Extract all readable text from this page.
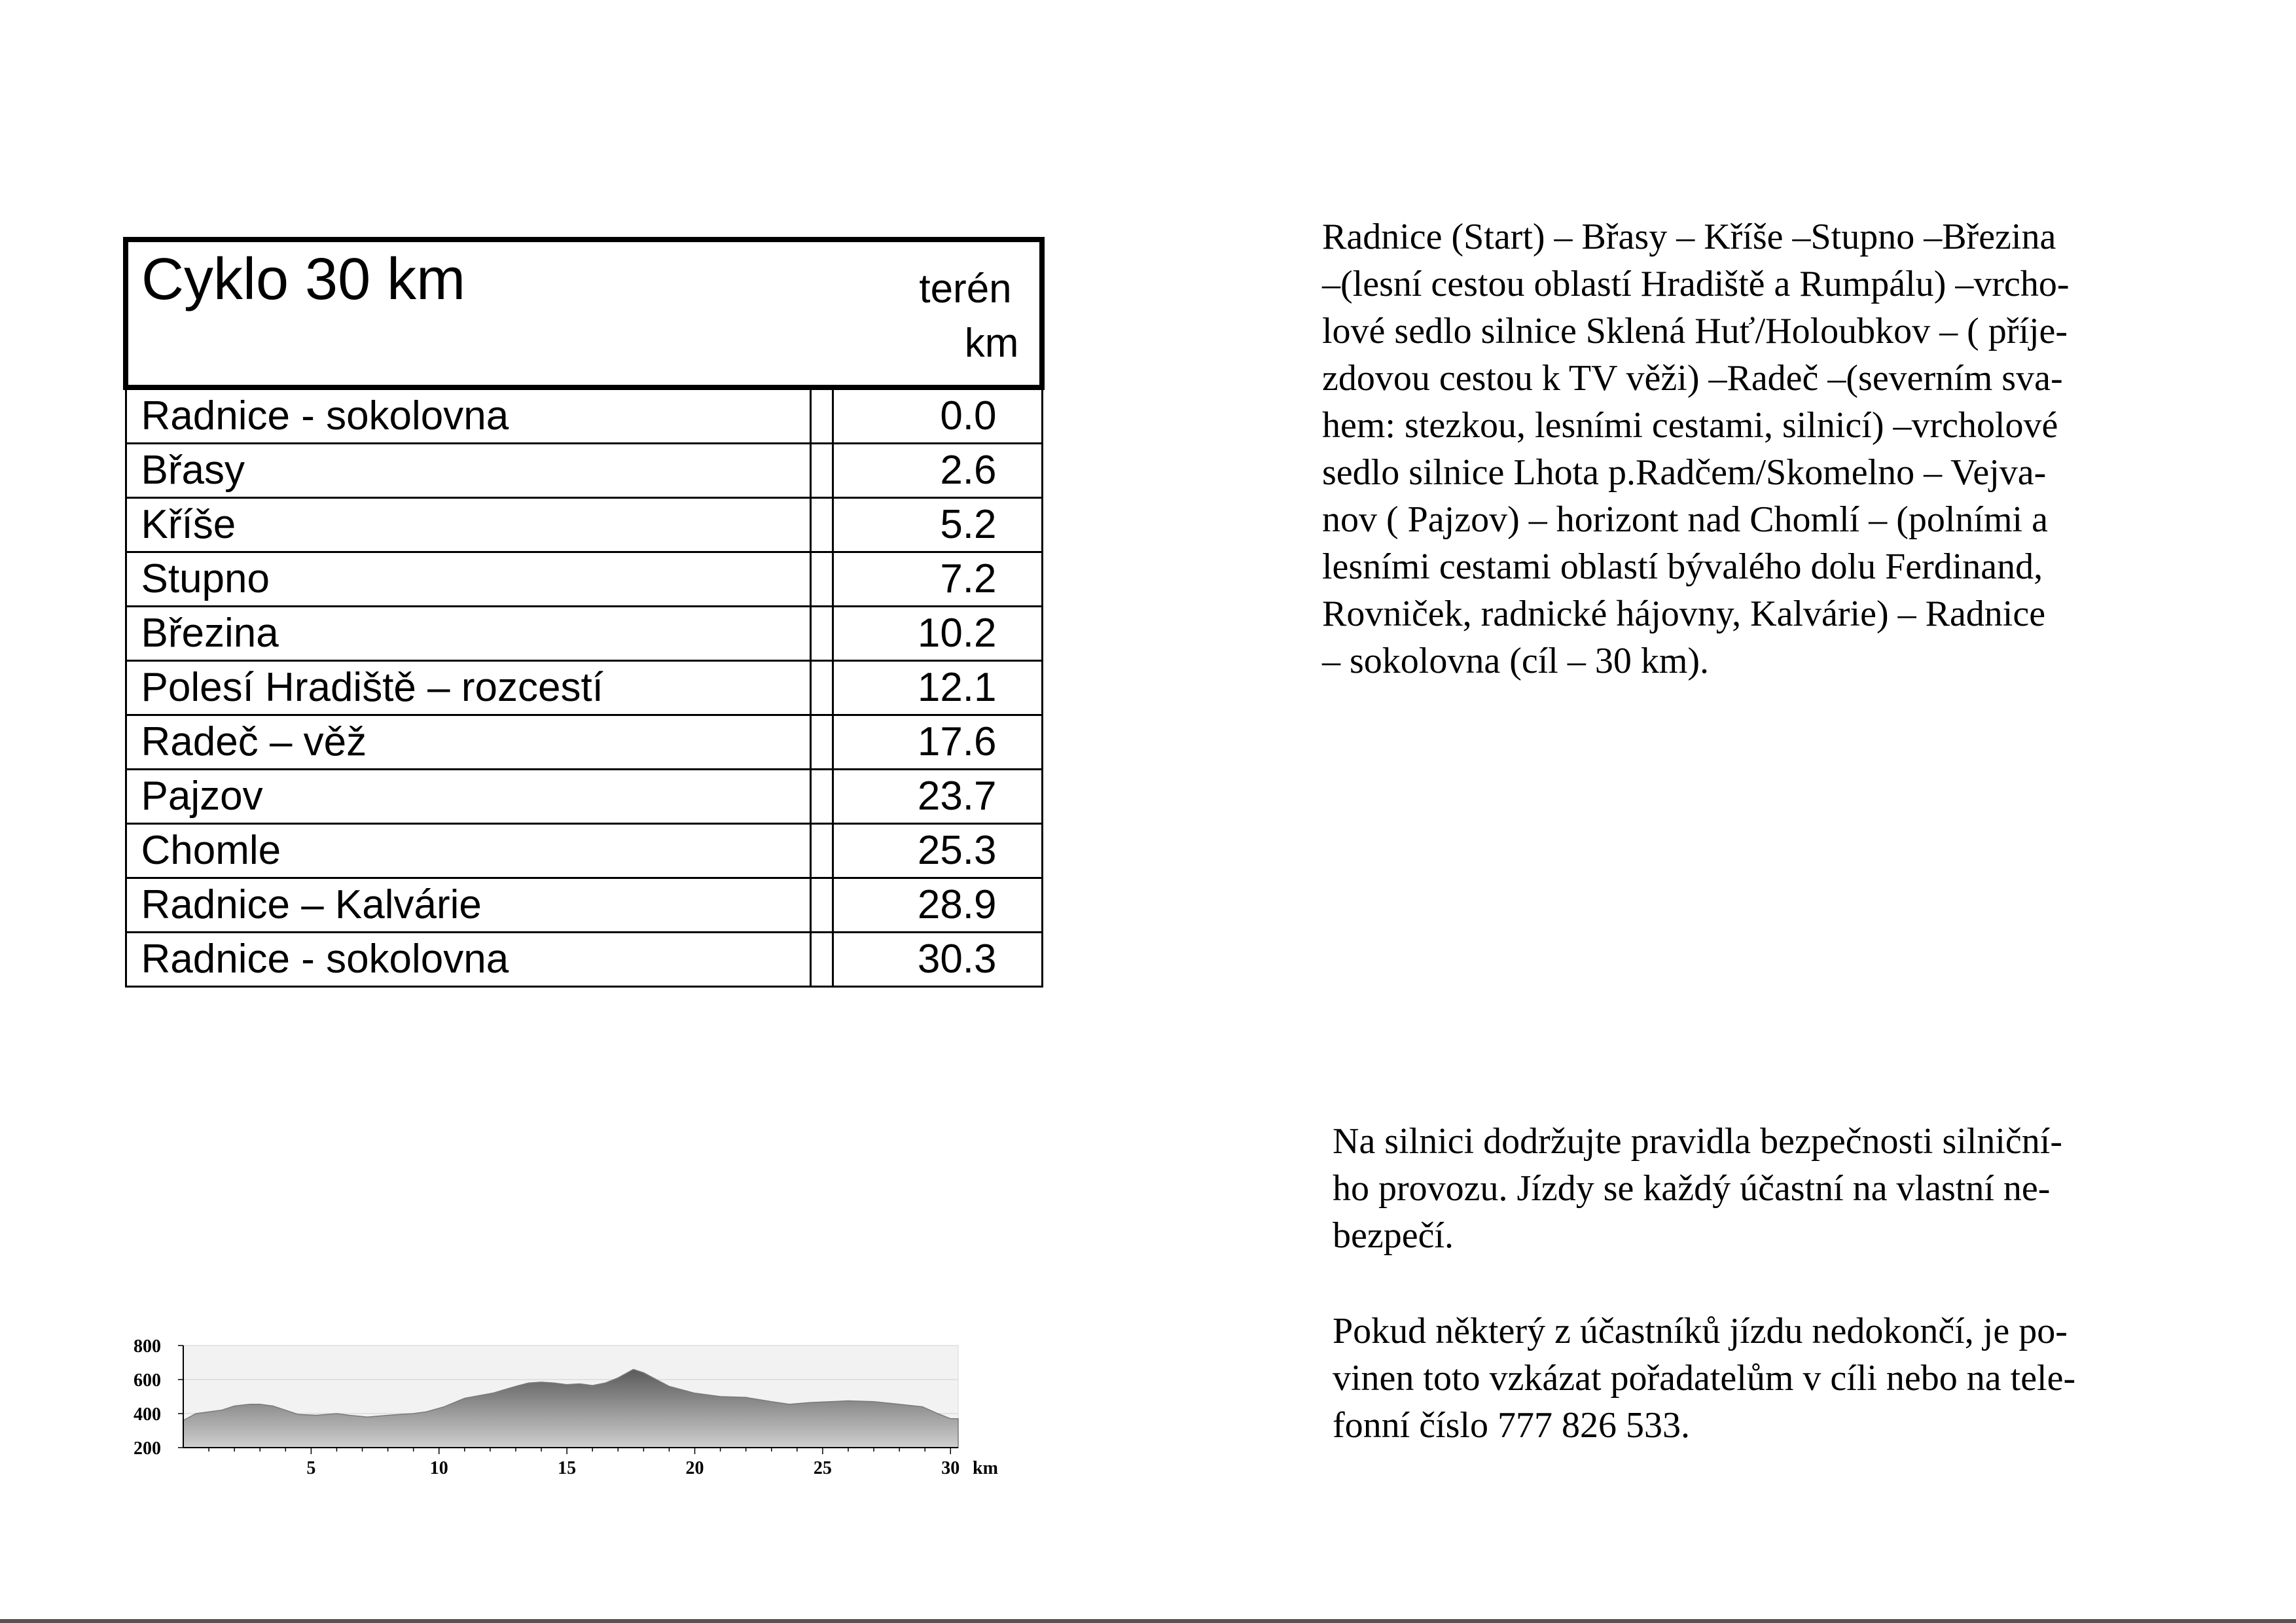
Cyklo 30 km		terén
km

Radnice - sokolovna		0.0
Břasy		2.6
Kříše		5.2
Stupno		7.2
Březina		10.2
Polesí Hradiště – rozcestí		12.1
Radeč – věž		17.6
Pajzov		23.7
Chomle		25.3
Radnice – Kalvárie		28.9
Radnice - sokolovna		30.3
Radnice (Start) – Břasy – Kříše –Stupno –Březina
–(lesní cestou oblastí Hradiště a Rumpálu) –vrcho-
lové sedlo silnice Sklená Huť/Holoubkov – ( příje-
zdovou cestou k TV věži) –Radeč –(severním sva-
hem: stezkou, lesními cestami, silnicí) –vrcholové
sedlo silnice Lhota p.Radčem/Skomelno – Vejva-
nov ( Pajzov) – horizont nad Chomlí – (polními a
lesními cestami oblastí bývalého dolu Ferdinand,
Rovniček, radnické hájovny, Kalvárie) – Radnice
– sokolovna (cíl – 30 km).
Na silnici dodržujte pravidla bezpečnosti silniční-
ho provozu. Jízdy se každý účastní na vlastní ne-
bezpečí.
Pokud některý z účastníků jízdu nedokončí, je po-
vinen toto vzkázat pořadatelům v cíli nebo na tele-
fonní číslo 777 826 533.
800
600
400
200
5	10	15	20	25	30 km
